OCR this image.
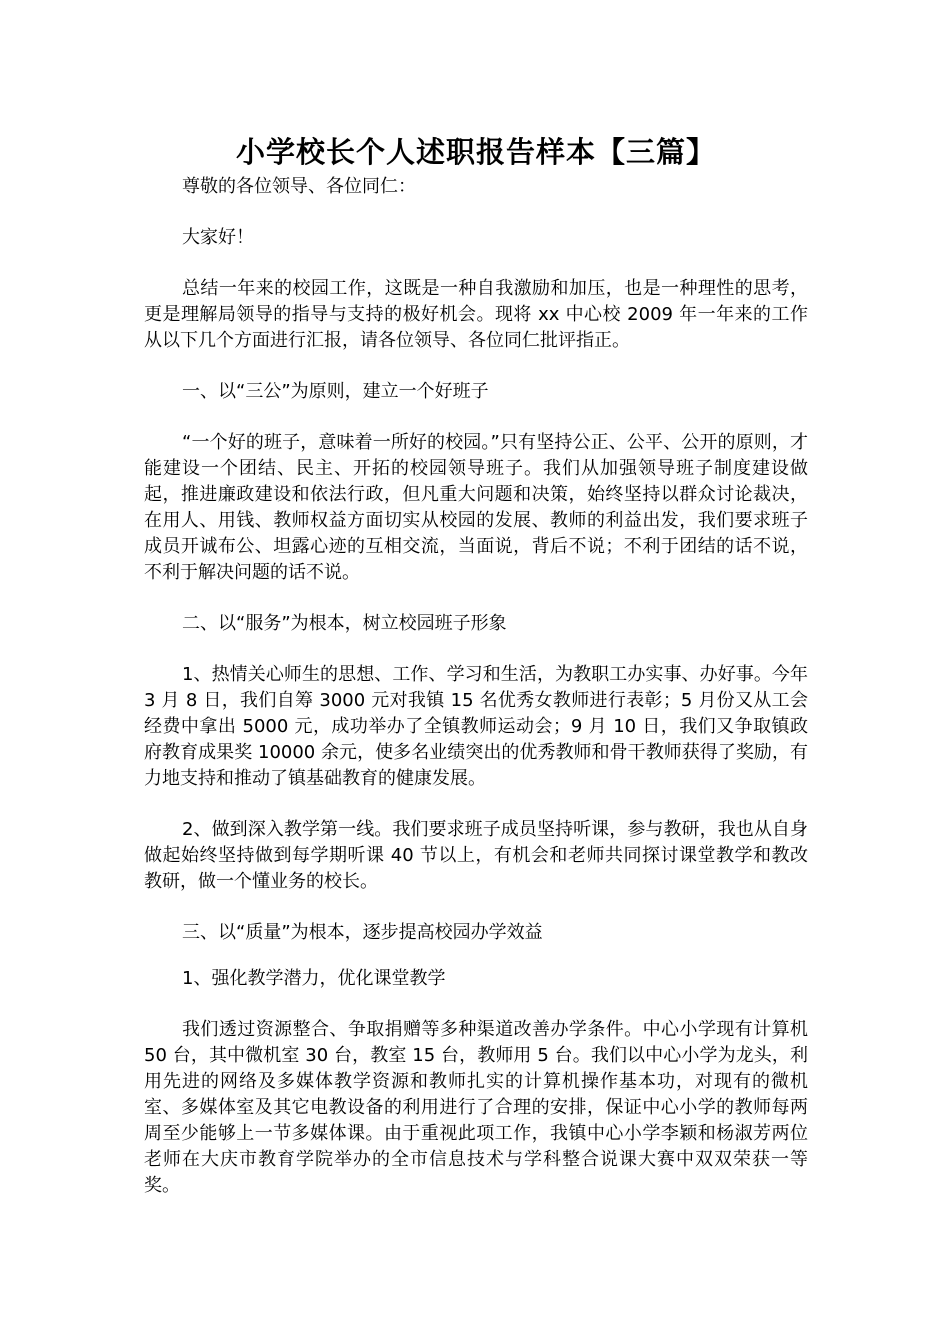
小学校长个人述职报告样本【三篇】

尊敬的各位领导、各位同仁：

大家好！

总结一年来的校园工作，这既是一种自我激励和加压，也是一种理性的思考，更是理解局领导的指导与支持的极好机会。现将 xx 中心校 2009 年一年来的工作从以下几个方面进行汇报，请各位领导、各位同仁批评指正。

一、以“三公”为原则，建立一个好班子

“一个好的班子，意味着一所好的校园。”只有坚持公正、公平、公开的原则，才能建设一个团结、民主、开拓的校园领导班子。我们从加强领导班子制度建设做起，推进廉政建设和依法行政，但凡重大问题和决策，始终坚持以群众讨论裁决，在用人、用钱、教师权益方面切实从校园的发展、教师的利益出发，我们要求班子成员开诚布公、坦露心迹的互相交流，当面说，背后不说；不利于团结的话不说，不利于解决问题的话不说。

二、以“服务”为根本，树立校园班子形象

1、热情关心师生的思想、工作、学习和生活，为教职工办实事、办好事。今年 3 月 8 日，我们自筹 3000 元对我镇 15 名优秀女教师进行表彰；5 月份又从工会经费中拿出 5000 元，成功举办了全镇教师运动会；9 月 10 日，我们又争取镇政府教育成果奖 10000 余元，使多名业绩突出的优秀教师和骨干教师获得了奖励，有力地支持和推动了镇基础教育的健康发展。

2、做到深入教学第一线。我们要求班子成员坚持听课，参与教研，我也从自身做起始终坚持做到每学期听课 40 节以上，有机会和老师共同探讨课堂教学和教改教研，做一个懂业务的校长。

三、以“质量”为根本，逐步提高校园办学效益

1、强化教学潜力，优化课堂教学

我们透过资源整合、争取捐赠等多种渠道改善办学条件。中心小学现有计算机 50 台，其中微机室 30 台，教室 15 台，教师用 5 台。我们以中心小学为龙头，利用先进的网络及多媒体教学资源和教师扎实的计算机操作基本功，对现有的微机室、多媒体室及其它电教设备的利用进行了合理的安排，保证中心小学的教师每两周至少能够上一节多媒体课。由于重视此项工作，我镇中心小学李颖和杨淑芳两位老师在大庆市教育学院举办的全市信息技术与学科整合说课大赛中双双荣获一等奖。
